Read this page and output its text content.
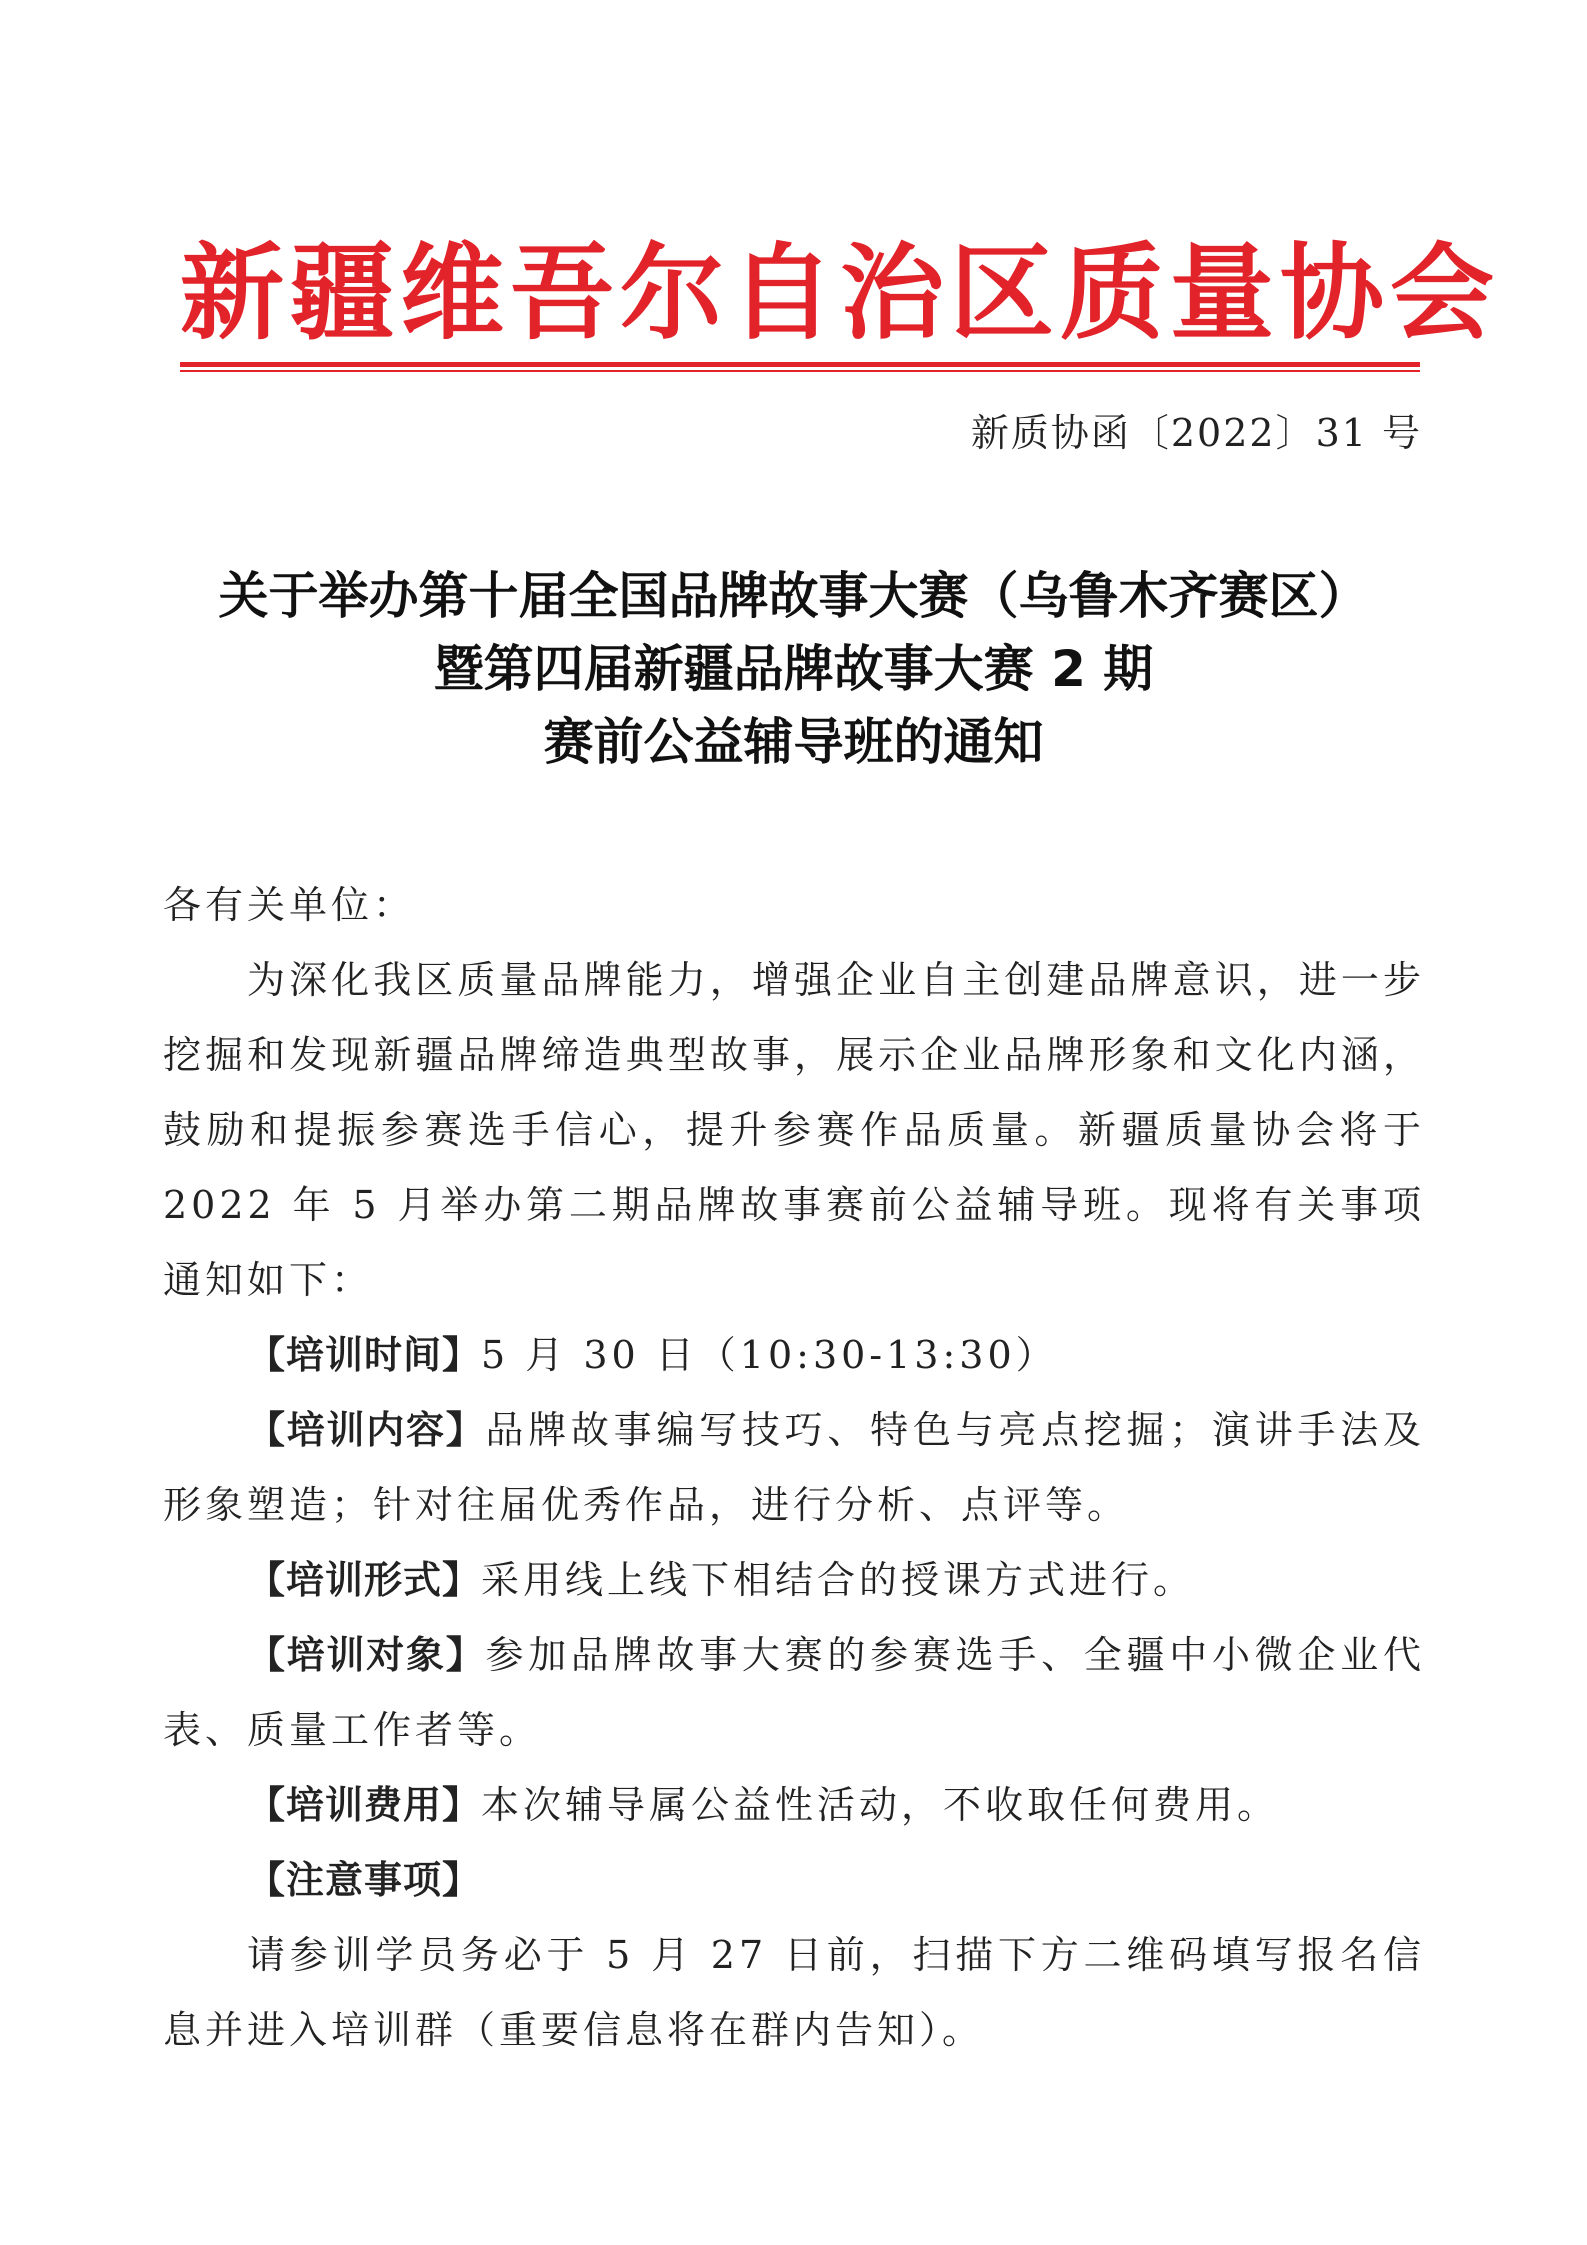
新疆维吾尔自治区质量协会
新质协函〔2022〕31 号
关于举办第十届全国品牌故事大赛（乌鲁木齐赛区）
暨第四届新疆品牌故事大赛 2 期
赛前公益辅导班的通知

各有关单位：

为深化我区质量品牌能力，增强企业自主创建品牌意识，进一步挖掘和发现新疆品牌缔造典型故事，展示企业品牌形象和文化内涵，鼓励和提振参赛选手信心，提升参赛作品质量。新疆质量协会将于 2022 年 5 月举办第二期品牌故事赛前公益辅导班。现将有关事项通知如下：

【培训时间】5 月 30 日（10:30-13:30）

【培训内容】品牌故事编写技巧、特色与亮点挖掘；演讲手法及形象塑造；针对往届优秀作品，进行分析、点评等。

【培训形式】采用线上线下相结合的授课方式进行。

【培训对象】参加品牌故事大赛的参赛选手、全疆中小微企业代表、质量工作者等。

【培训费用】本次辅导属公益性活动，不收取任何费用。

【注意事项】

请参训学员务必于 5 月 27 日前，扫描下方二维码填写报名信息并进入培训群（重要信息将在群内告知）。
